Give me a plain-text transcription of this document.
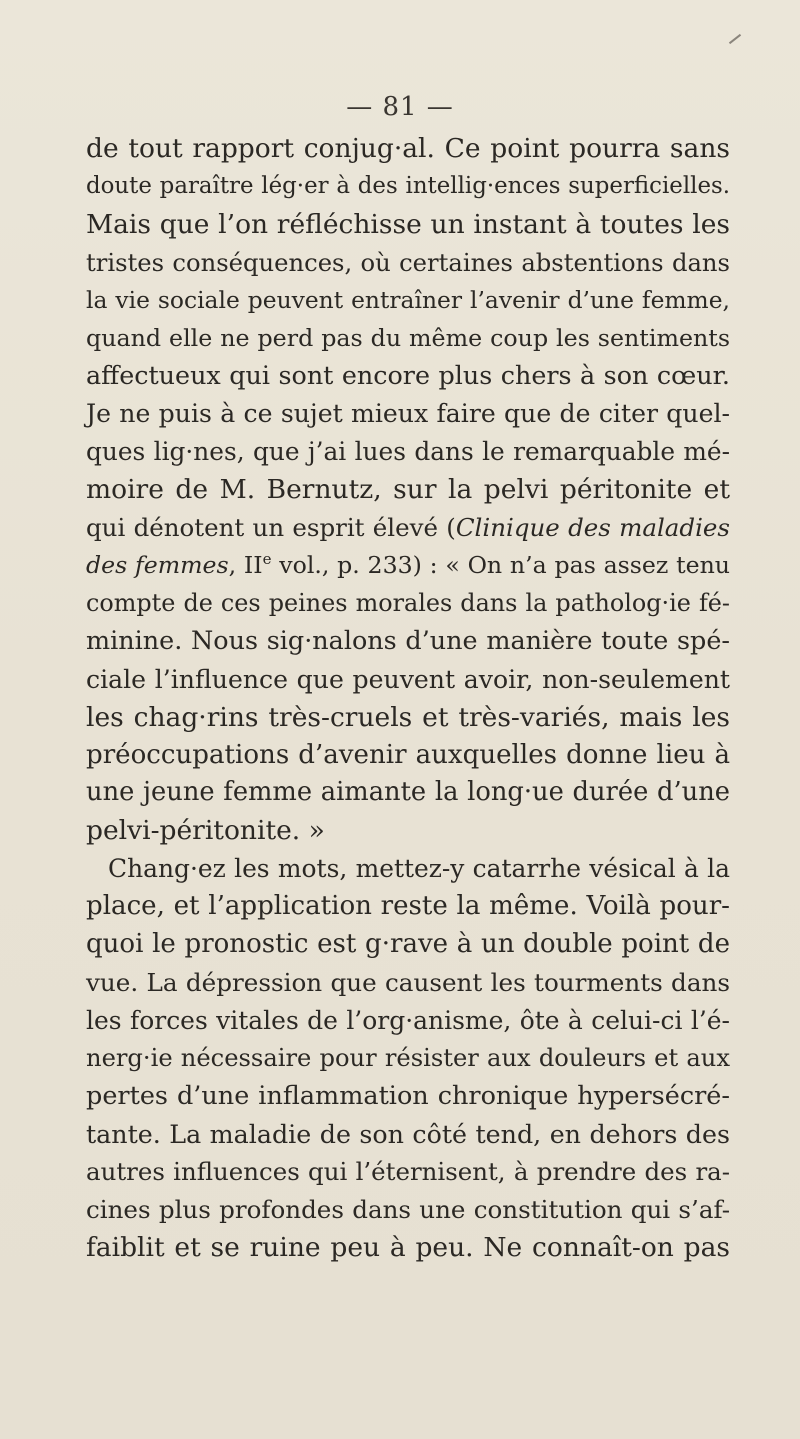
— 81 —
de tout rapport conjug·al. Ce point pourra sans
doute paraître lég·er à des intellig·ences superficielles.
Mais que l’on réfléchisse un instant à toutes les
tristes conséquences, où certaines abstentions dans
la vie sociale peuvent entraîner l’avenir d’une femme,
quand elle ne perd pas du même coup les sentiments
affectueux qui sont encore plus chers à son cœur.
Je ne puis à ce sujet mieux faire que de citer quel-
ques lig·nes, que j’ai lues dans le remarquable mé-
moire de M. Bernutz, sur la pelvi péritonite et
qui dénotent un esprit élevé (Clinique des maladies
des femmes, IIe vol., p. 233) : « On n’a pas assez tenu
compte de ces peines morales dans la patholog·ie fé-
minine. Nous sig·nalons d’une manière toute spé-
ciale l’influence que peuvent avoir, non-seulement
les chag·rins très-cruels et très-variés, mais les
préoccupations d’avenir auxquelles donne lieu à
une jeune femme aimante la long·ue durée d’une
pelvi-péritonite. »
Chang·ez les mots, mettez-y catarrhe vésical à la
place, et l’application reste la même. Voilà pour-
quoi le pronostic est g·rave à un double point de
vue. La dépression que causent les tourments dans
les forces vitales de l’org·anisme, ôte à celui-ci l’é-
nerg·ie nécessaire pour résister aux douleurs et aux
pertes d’une inflammation chronique hypersécré-
tante. La maladie de son côté tend, en dehors des
autres influences qui l’éternisent, à prendre des ra-
cines plus profondes dans une constitution qui s’af-
faiblit et se ruine peu à peu. Ne connaît-on pas
